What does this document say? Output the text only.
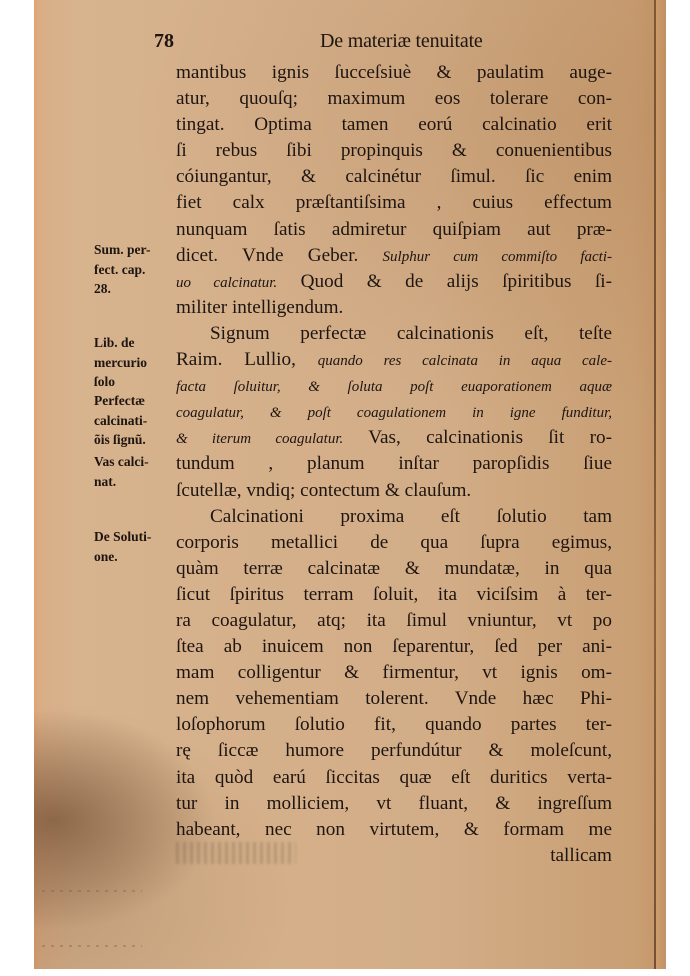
78	De materiæ tenuitate
mantibus ignis ſucceſsiuè & paulatim auge-
atur, quouſq; maximum eos tolerare con-
tingat. Optima tamen eorú calcinatio erit
ſi rebus ſibi propinquis & conuenientibus
cóiungantur, & calcinétur ſimul. ſic enim
fiet calx præſtantiſsima , cuius effectum
nunquam ſatis admiretur quiſpiam aut præ-
dicet. Vnde Geber. Sulphur cum commiſto facti-
uo calcinatur. Quod & de alijs ſpiritibus ſi-
militer intelligendum.
Signum perfectæ calcinationis eſt, teſte
Raim. Lullio, quando res calcinata in aqua cale-
facta ſoluitur, & ſoluta poſt euaporationem aquæ
coagulatur, & poſt coagulationem in igne funditur,
& iterum coagulatur. Vas, calcinationis ſit ro-
tundum , planum inſtar paropſidis ſiue
ſcutellæ, vndiq; contectum & clauſum.
Calcinationi proxima eſt ſolutio tam
corporis metallici de qua ſupra egimus,
quàm terræ calcinatæ & mundatæ, in qua
ſicut ſpiritus terram ſoluit, ita viciſsim à ter-
ra coagulatur, atq; ita ſimul vniuntur, vt po
ſtea ab inuicem non ſeparentur, ſed per ani-
mam colligentur & firmentur, vt ignis om-
nem vehementiam tolerent. Vnde hæc Phi-
loſophorum ſolutio fit, quando partes ter-
rę ſiccæ humore perfundútur & moleſcunt,
ita quòd earú ſiccitas quæ eſt duritics verta-
tur in molliciem, vt fluant, & ingreſſum
habeant, nec non virtutem, & formam me
tallicam
Sum. per-
fect. cap.
28.
Lib. de
mercurio
ſolo
Perfectæ
calcinati-
õis ſignũ.
Vas calci-
nat.
De Soluti-
one.
